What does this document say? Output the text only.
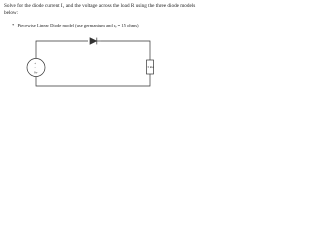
Solve for the diode current I₁ and the voltage across the load R using the three diode models
below:
* Piecewise Linear Diode model (use germanium and rₑ = 15 ohms)
+
−
9v
3 kΩ
